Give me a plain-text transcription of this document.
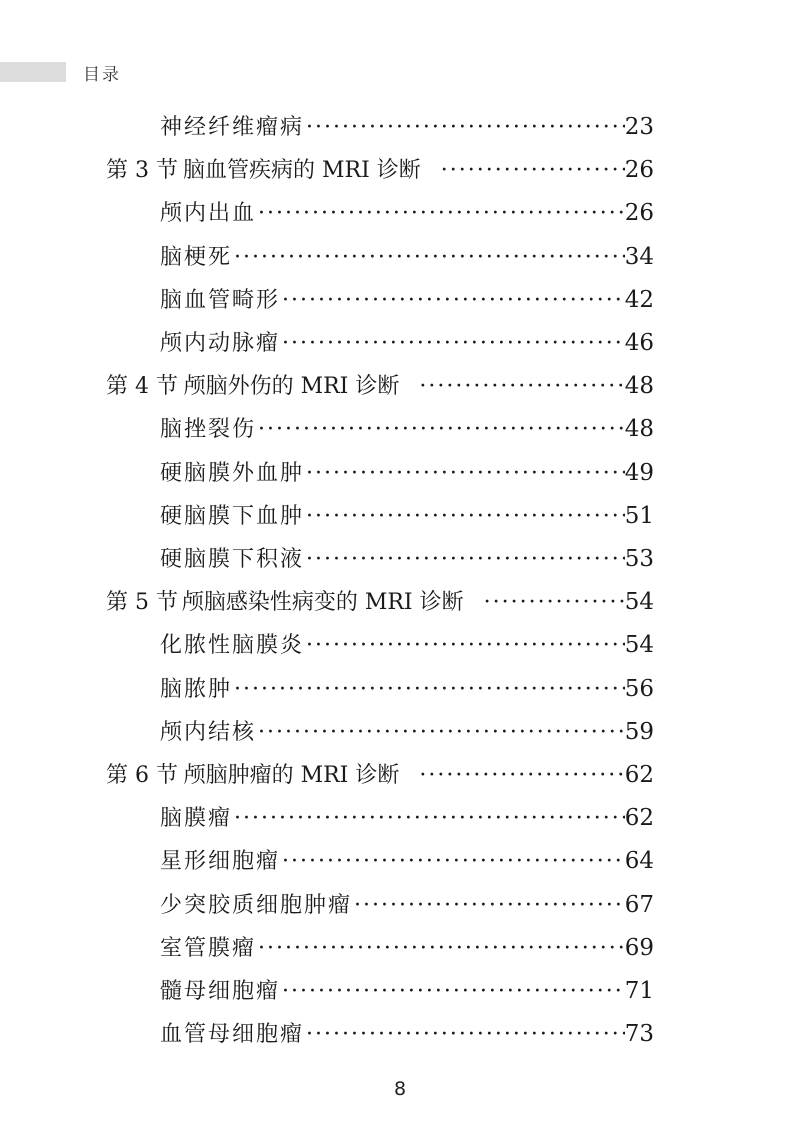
目录
神经纤维瘤病 ·····	23
第 3 节 脑血管疾病的 MRI 诊断 ·····	26
颅内出血 ·····	26
脑梗死 ·····	34
脑血管畸形 ·····	42
颅内动脉瘤 ·····	46
第 4 节 颅脑外伤的 MRI 诊断 ·····	48
脑挫裂伤 ·····	48
硬脑膜外血肿 ·····	49
硬脑膜下血肿 ·····	51
硬脑膜下积液 ·····	53
第 5 节 颅脑感染性病变的 MRI 诊断 ·····	54
化脓性脑膜炎 ·····	54
脑脓肿 ·····	56
颅内结核 ·····	59
第 6 节 颅脑肿瘤的 MRI 诊断 ·····	62
脑膜瘤 ·····	62
星形细胞瘤 ·····	64
少突胶质细胞肿瘤 ·····	67
室管膜瘤 ·····	69
髓母细胞瘤 ·····	71
血管母细胞瘤 ·····	73
8
